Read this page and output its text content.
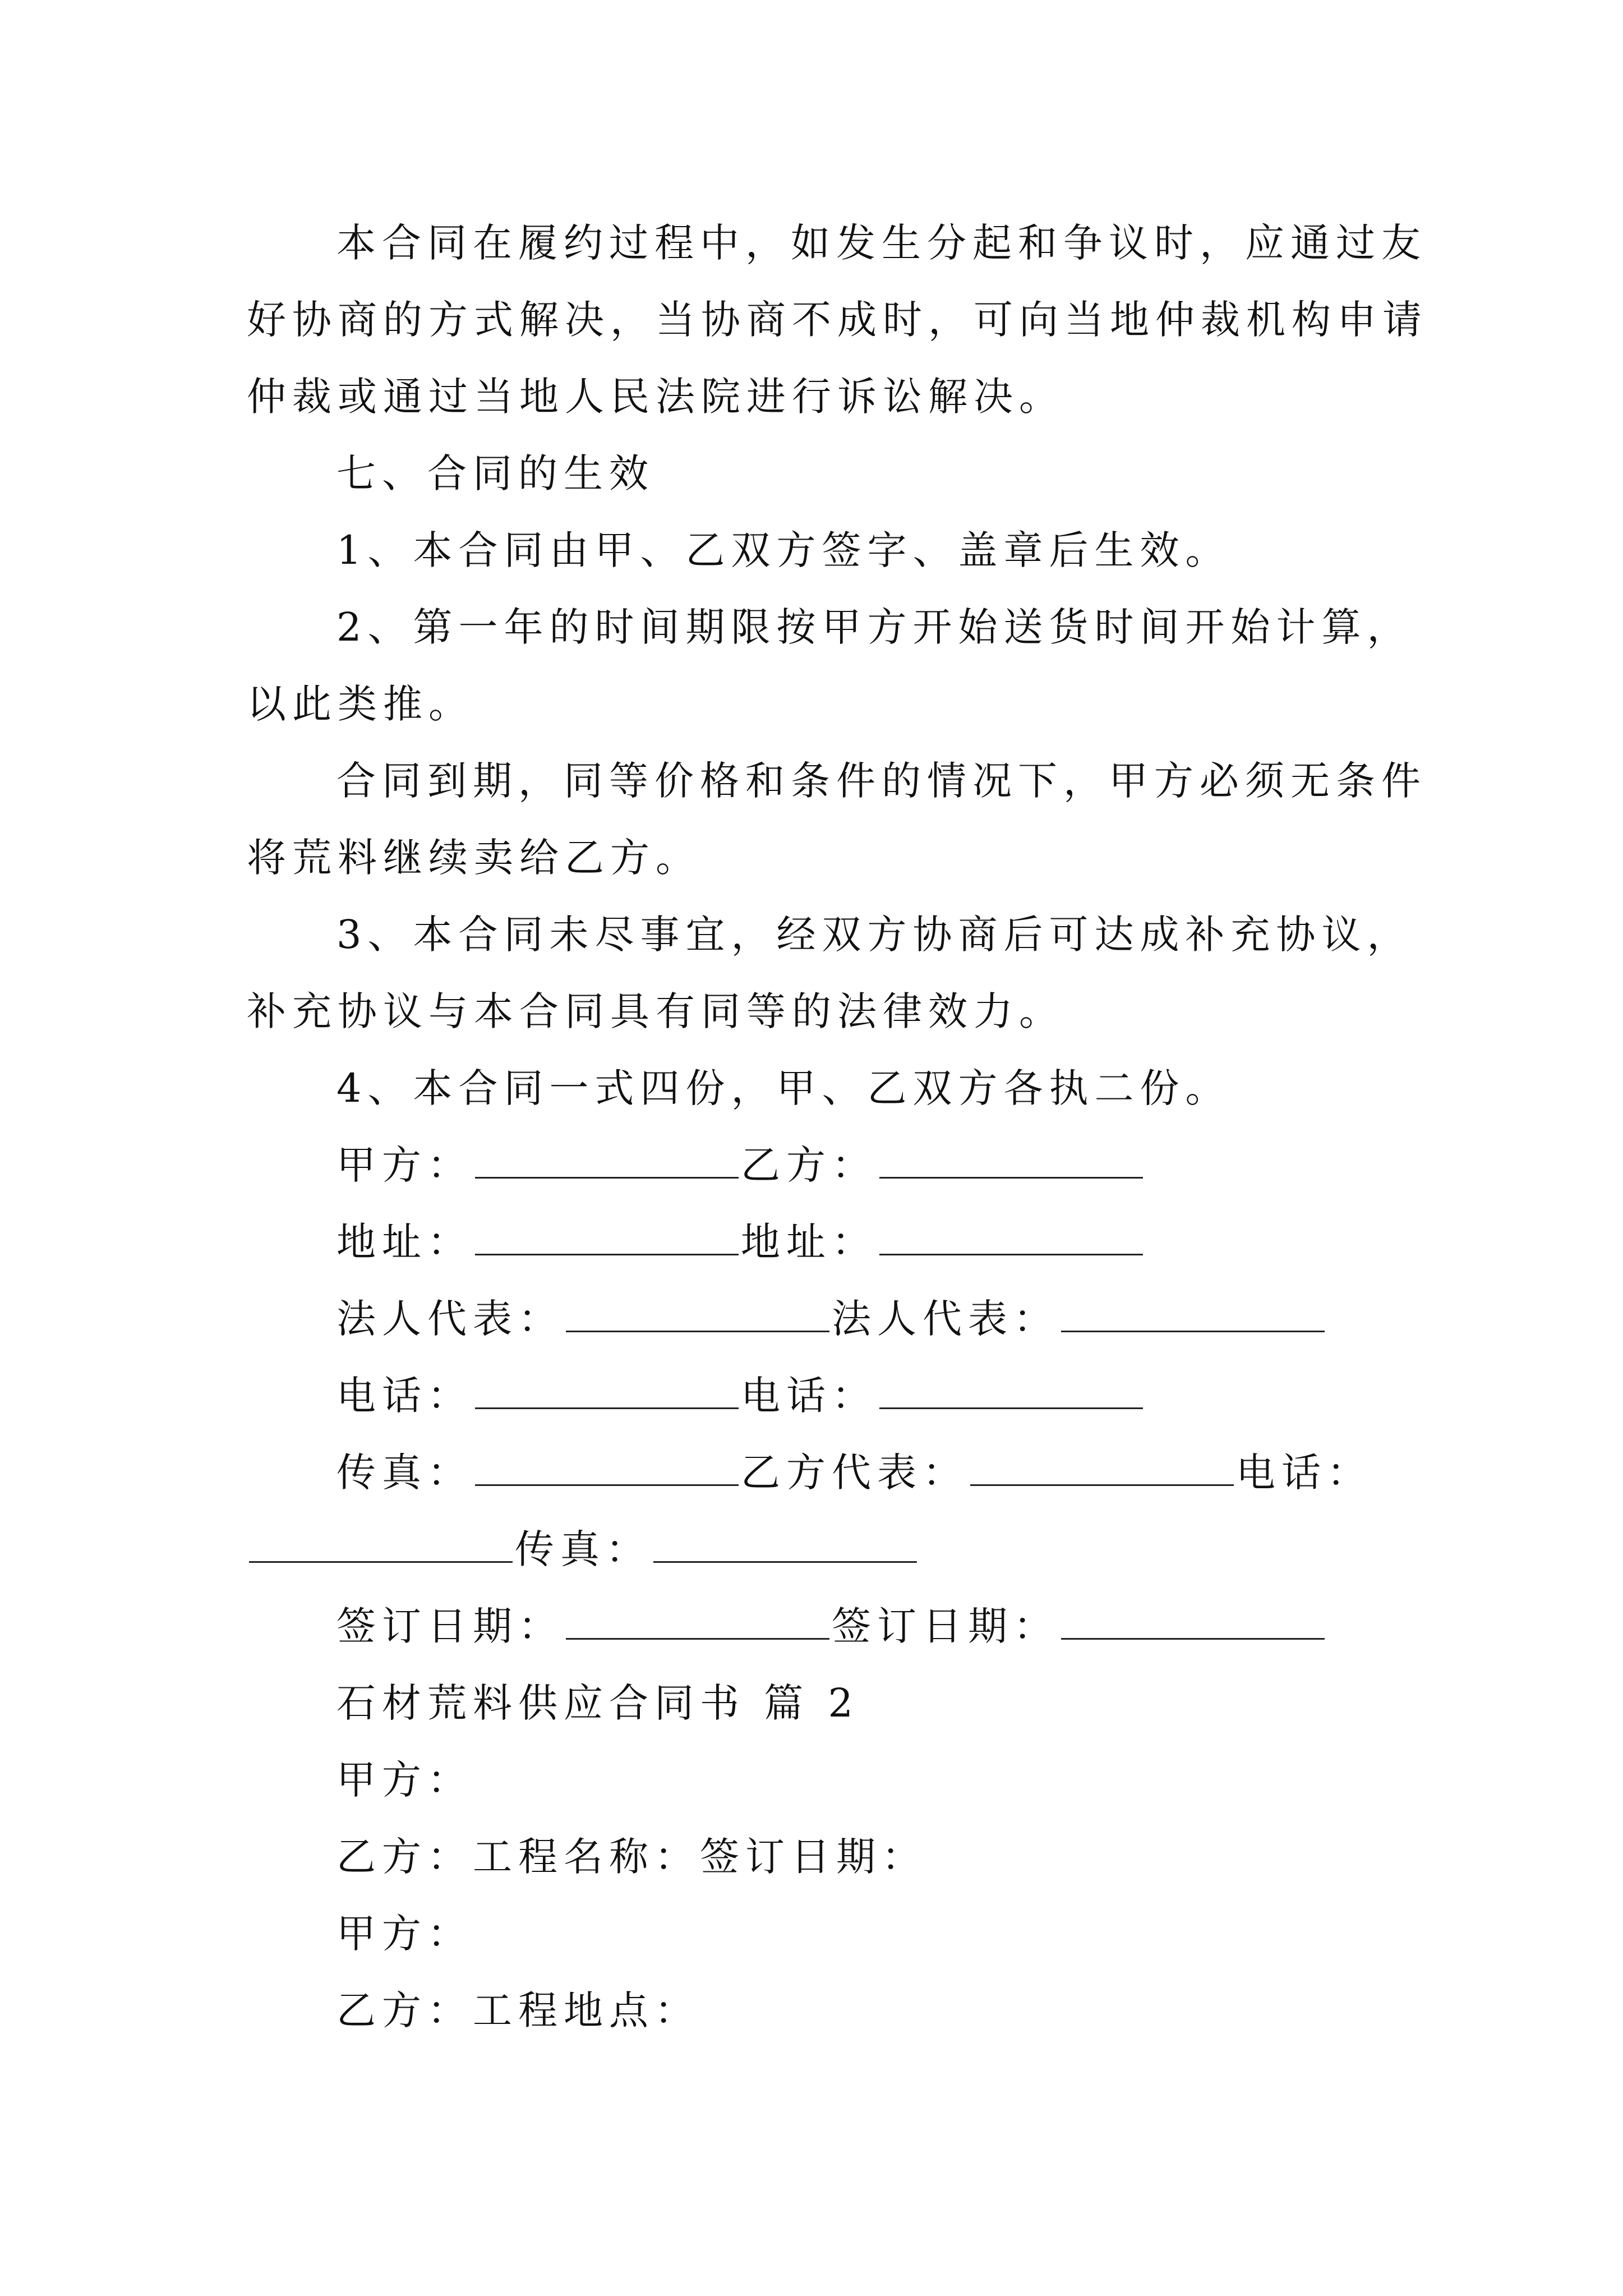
本合同在履约过程中，如发生分起和争议时，应通过友
好协商的方式解决，当协商不成时，可向当地仲裁机构申请
仲裁或通过当地人民法院进行诉讼解决。
七、合同的生效
1、本合同由甲、乙双方签字、盖章后生效。
2、第一年的时间期限按甲方开始送货时间开始计算，
以此类推。
合同到期，同等价格和条件的情况下，甲方必须无条件
将荒料继续卖给乙方。
3、本合同未尽事宜，经双方协商后可达成补充协议，
补充协议与本合同具有同等的法律效力。
4、本合同一式四份，甲、乙双方各执二份。
甲方：	乙方：
地址：	地址：
法人代表：	法人代表：
电话：	电话：
传真：	乙方代表：	电话：
传真：
签订日期：	签订日期：
石材荒料供应合同书 篇 2
甲方：
乙方：工程名称：签订日期：
甲方：
乙方：工程地点：
